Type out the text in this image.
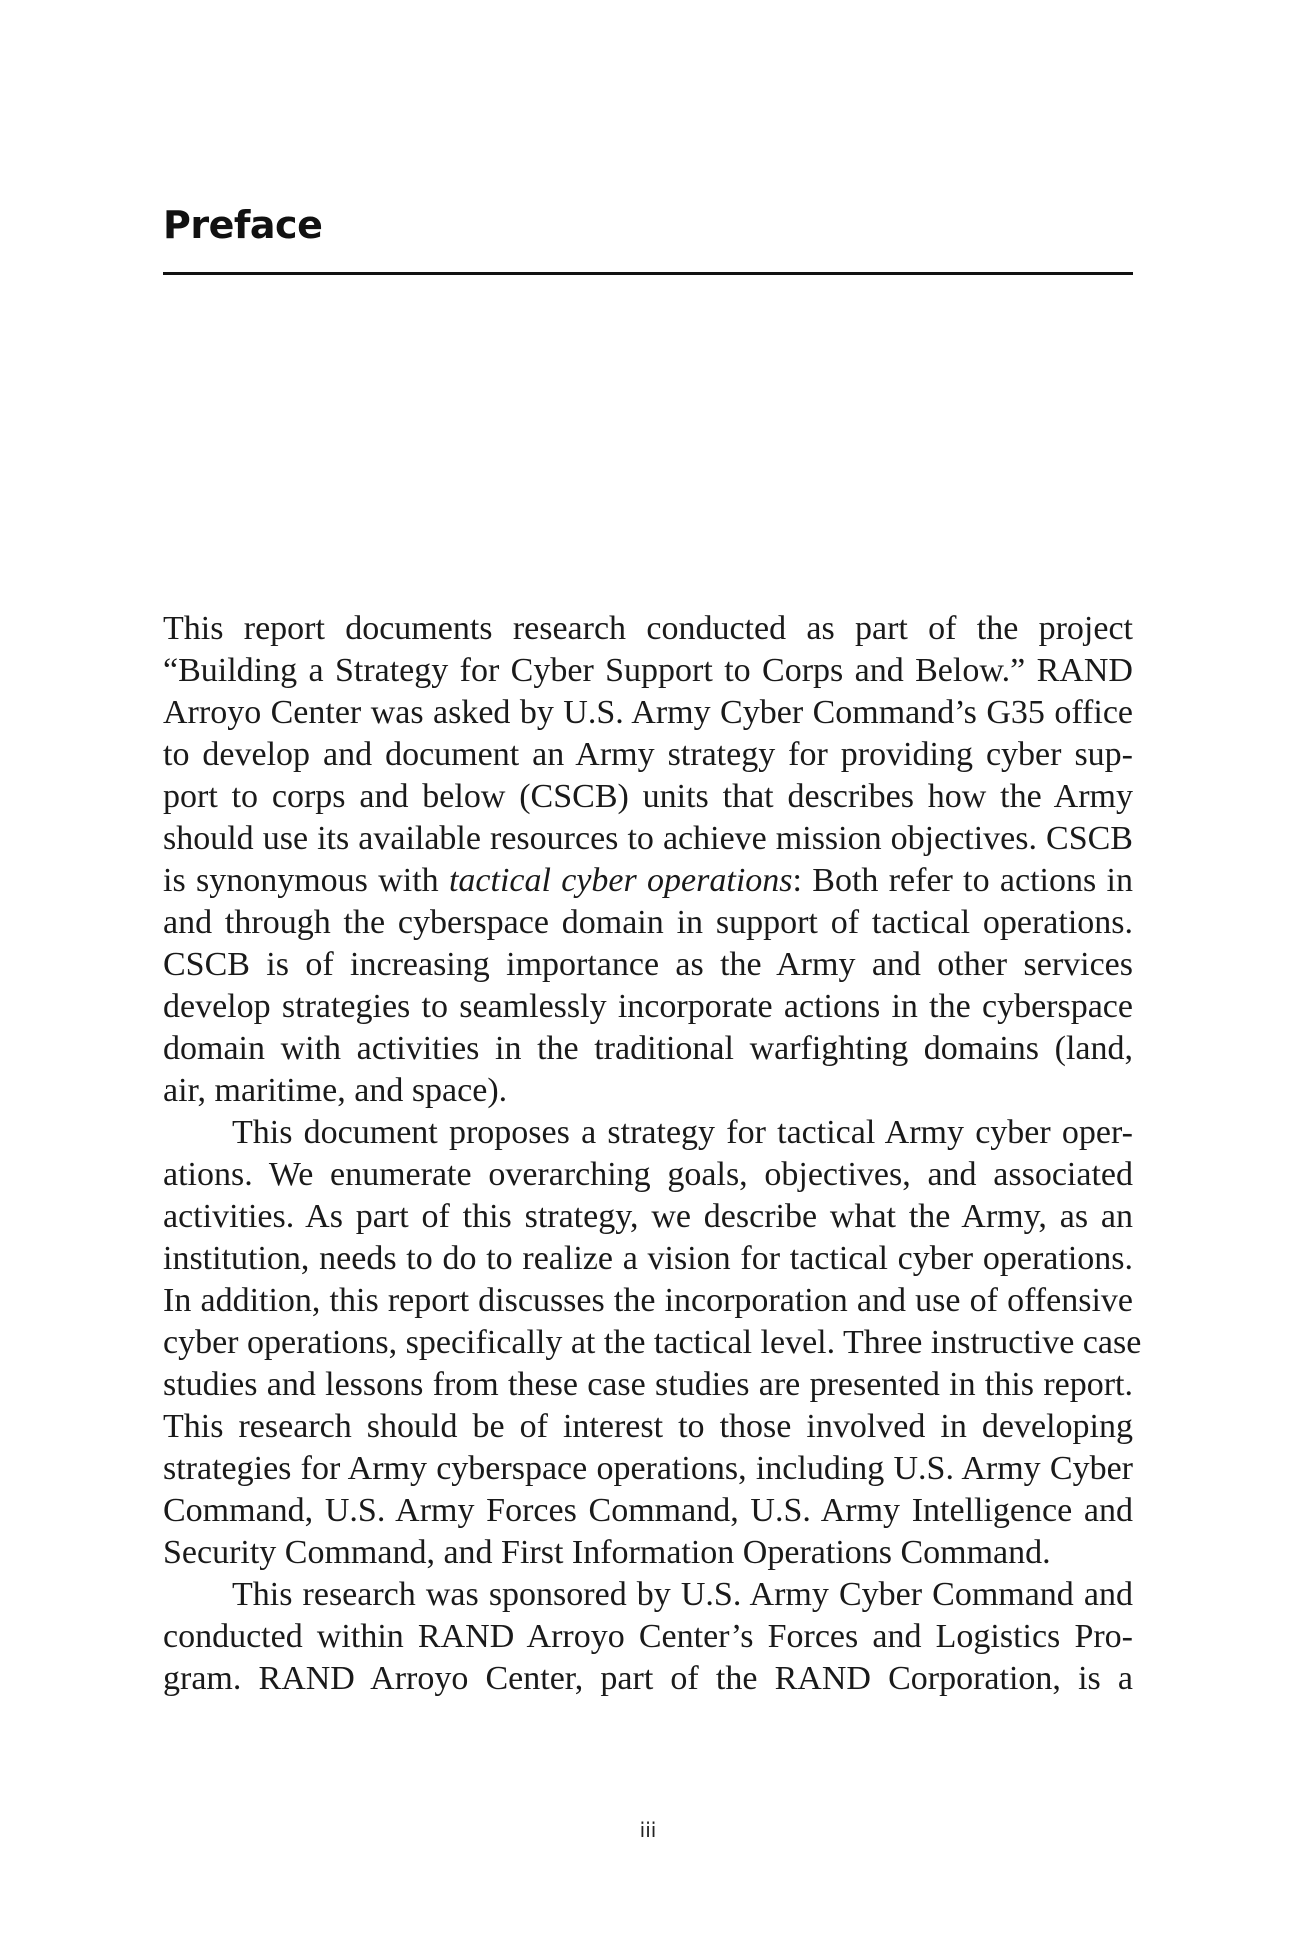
Preface
This report documents research conducted as part of the project
“Building a Strategy for Cyber Support to Corps and Below.” RAND
Arroyo Center was asked by U.S. Army Cyber Command’s G35 office
to develop and document an Army strategy for providing cyber sup-
port to corps and below (CSCB) units that describes how the Army
should use its available resources to achieve mission objectives. CSCB
is synonymous with tactical cyber operations: Both refer to actions in
and through the cyberspace domain in support of tactical operations.
CSCB is of increasing importance as the Army and other services
develop strategies to seamlessly incorporate actions in the cyberspace
domain with activities in the traditional warfighting domains (land,
air, maritime, and space).
This document proposes a strategy for tactical Army cyber oper-
ations. We enumerate overarching goals, objectives, and associated
activities. As part of this strategy, we describe what the Army, as an
institution, needs to do to realize a vision for tactical cyber operations.
In addition, this report discusses the incorporation and use of offensive
cyber operations, specifically at the tactical level. Three instructive case
studies and lessons from these case studies are presented in this report.
This research should be of interest to those involved in developing
strategies for Army cyberspace operations, including U.S. Army Cyber
Command, U.S. Army Forces Command, U.S. Army Intelligence and
Security Command, and First Information Operations Command.
This research was sponsored by U.S. Army Cyber Command and
conducted within RAND Arroyo Center’s Forces and Logistics Pro-
gram. RAND Arroyo Center, part of the RAND Corporation, is a
iii
